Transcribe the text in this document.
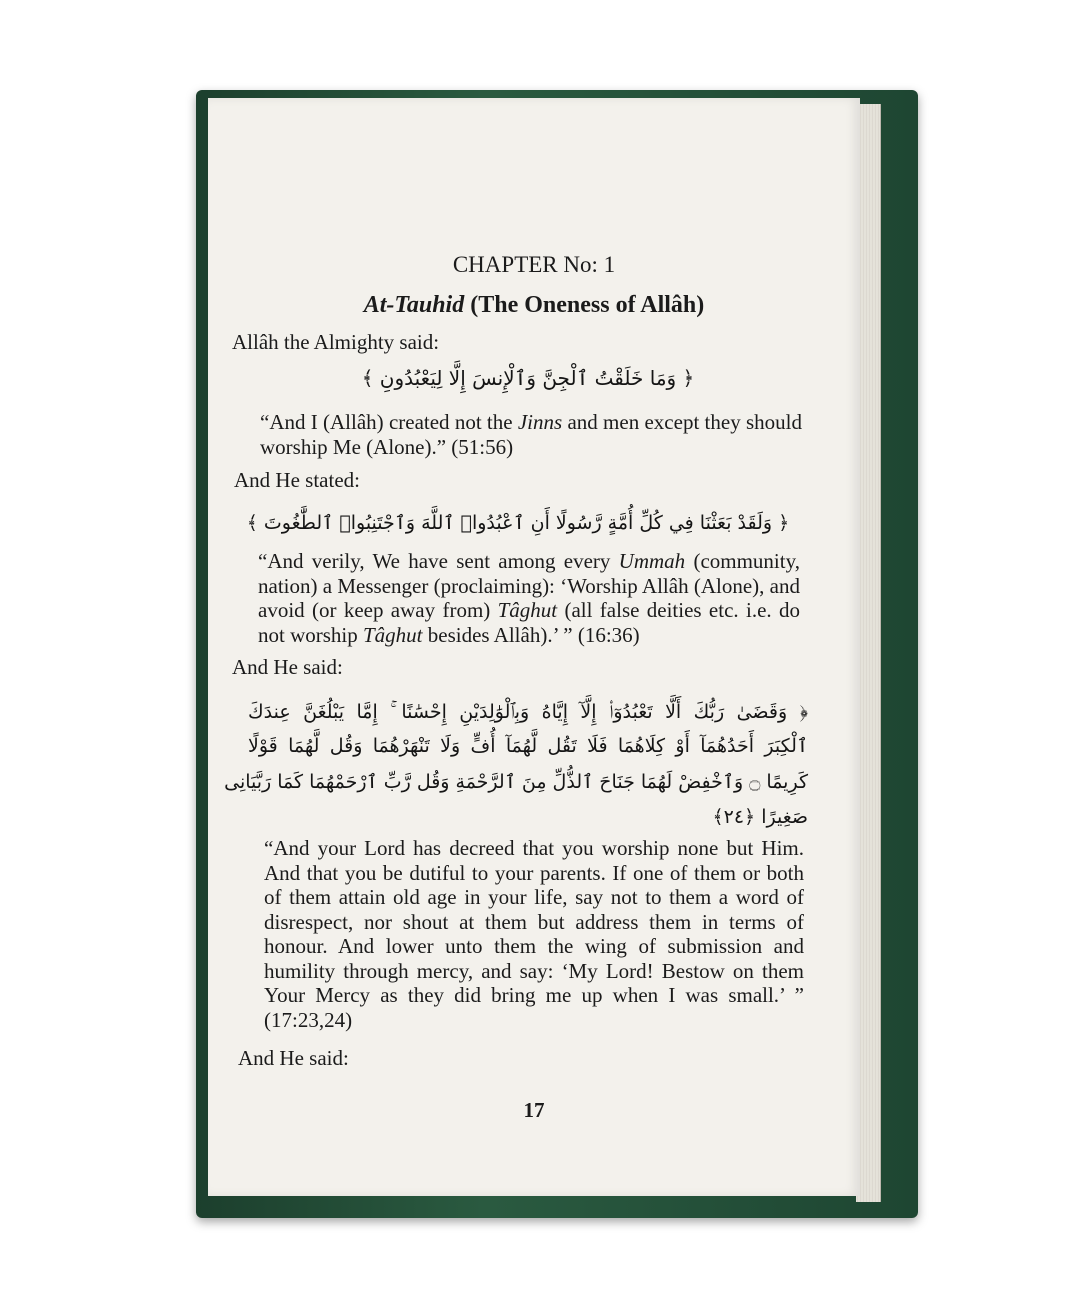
CHAPTER No: 1
At-Tauhid (The Oneness of Allâh)
Allâh the Almighty said:
﴿ وَمَا خَلَقْتُ ٱلْجِنَّ وَٱلْإِنسَ إِلَّا لِيَعْبُدُونِ ﴾
“And I (Allâh) created not the Jinns and men except they should worship Me (Alone).” (51:56)
And He stated:
﴿ وَلَقَدْ بَعَثْنَا فِي كُلِّ أُمَّةٍ رَّسُولًا أَنِ ٱعْبُدُوا۟ ٱللَّهَ وَٱجْتَنِبُوا۟ ٱلطَّٰغُوتَ ﴾
“And verily, We have sent among every Ummah (community, nation) a Messenger (proclaiming): ‘Worship Allâh (Alone), and avoid (or keep away from) Tâghut (all false deities etc. i.e. do not worship Tâghut besides Allâh).’ ” (16:36)
And He said:
﴿ وَقَضَىٰ رَبُّكَ أَلَّا تَعْبُدُوٓا۟ إِلَّآ إِيَّاهُ وَبِٱلْوَٰلِدَيْنِ إِحْسَٰنًا ۚ إِمَّا يَبْلُغَنَّ عِندَكَ
ٱلْكِبَرَ أَحَدُهُمَآ أَوْ كِلَاهُمَا فَلَا تَقُل لَّهُمَآ أُفٍّ وَلَا تَنْهَرْهُمَا وَقُل لَّهُمَا قَوْلًا
كَرِيمًا ۝ وَٱخْفِضْ لَهُمَا جَنَاحَ ٱلذُّلِّ مِنَ ٱلرَّحْمَةِ وَقُل رَّبِّ ٱرْحَمْهُمَا كَمَا رَبَّيَانِى
صَغِيرًا ﴿٢٤﴾
“And your Lord has decreed that you worship none but Him. And that you be dutiful to your parents. If one of them or both of them attain old age in your life, say not to them a word of disrespect, nor shout at them but address them in terms of honour. And lower unto them the wing of submission and humility through mercy, and say: ‘My Lord! Bestow on them Your Mercy as they did bring me up when I was small.’ ” (17:23,24)
And He said:
17
